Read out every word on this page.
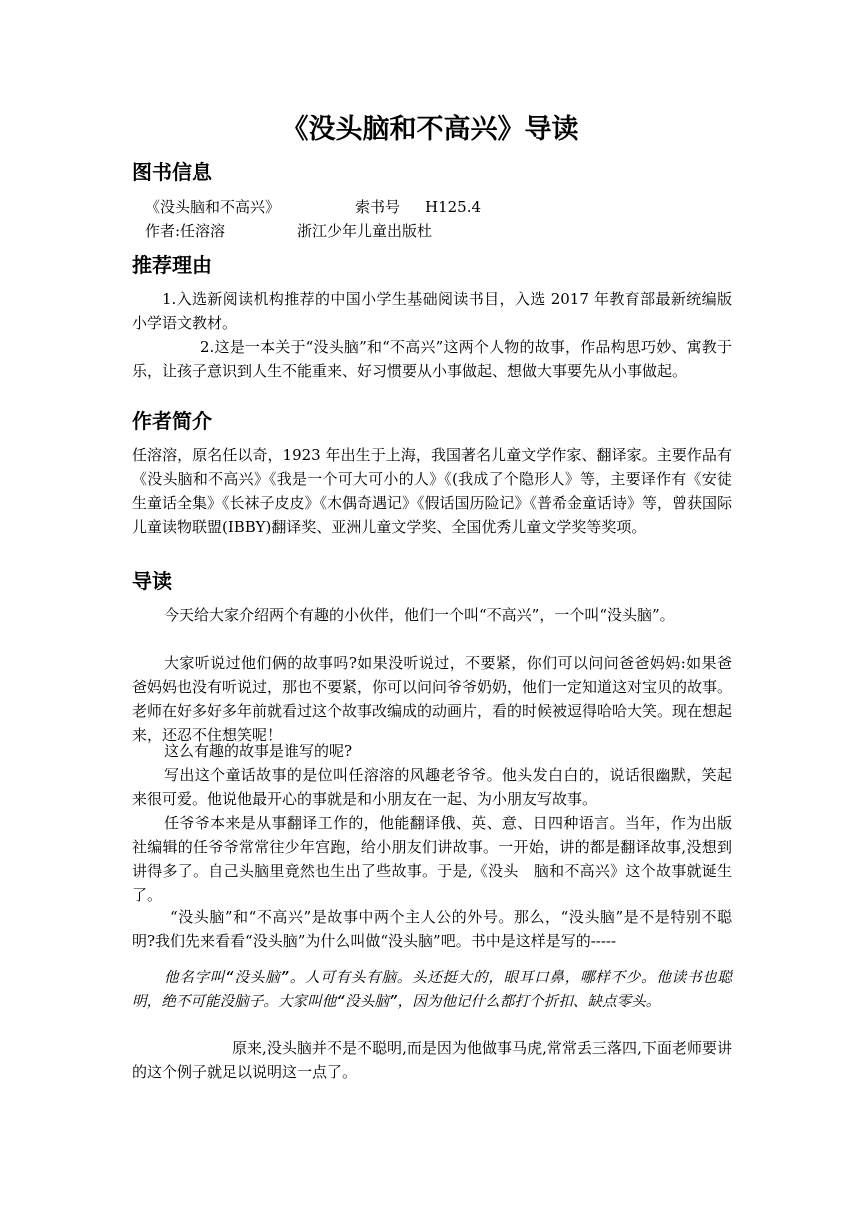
《没头脑和不高兴》导读
图书信息
《没头脑和不高兴》	索书号 H125.4
作者:任溶溶	浙江少年儿童出版杜
推荐理由
1.入选新阅读机构推荐的中国小学生基础阅读书目，入选 2017 年教育部最新统编版小学语文教材。
2.这是一本关于“没头脑”和“不高兴”这两个人物的故事，作品构思巧妙、寓教于乐，让孩子意识到人生不能重来、好习惯要从小事做起、想做大事要先从小事做起。
作者简介
任溶溶，原名任以奇，1923 年出生于上海，我国著名儿童文学作家、翻译家。主要作品有《没头脑和不高兴》《我是一个可大可小的人》《(我成了个隐形人》等，主要译作有《安徒生童话全集》《长袜子皮皮》《木偶奇遇记》《假话国历险记》《普希金童话诗》等，曾获国际儿童读物联盟(IBBY)翻译奖、亚洲儿童文学奖、全国优秀儿童文学奖等奖项。
导读
今天给大家介绍两个有趣的小伙伴，他们一个叫“不高兴”，一个叫“没头脑”。
大家听说过他们俩的故事吗?如果没听说过，不要紧，你们可以问问爸爸妈妈:如果爸爸妈妈也没有听说过，那也不要紧，你可以问问爷爷奶奶，他们一定知道这对宝贝的故事。老师在好多好多年前就看过这个故事改编成的动画片，看的时候被逗得哈哈大笑。现在想起来，还忍不住想笑呢！
这么有趣的故事是谁写的呢?
写出这个童话故事的是位叫任溶溶的风趣老爷爷。他头发白白的，说话很幽默，笑起来很可爱。他说他最开心的事就是和小朋友在一起、为小朋友写故事。
任爷爷本来是从事翻译工作的，他能翻译俄、英、意、日四种语言。当年，作为出版社编辑的任爷爷常常往少年宫跑，给小朋友们讲故事。一开始，讲的都是翻译故事,没想到讲得多了。自己头脑里竟然也生出了些故事。于是,《没头　脑和不高兴》这个故事就诞生了。
“没头脑”和“不高兴”是故事中两个主人公的外号。那么，“没头脑”是不是特别不聪明?我们先来看看“没头脑”为什么叫做“没头脑”吧。书中是这样是写的-----
他名字叫“没头脑”。人可有头有脑。头还挺大的，眼耳口鼻，哪样不少。他读书也聪明，绝不可能没脑子。大家叫他“没头脑”，因为他记什么都打个折扣、缺点零头。
原来,没头脑并不是不聪明,而是因为他做事马虎,常常丢三落四,下面老师要讲的这个例子就足以说明这一点了。
